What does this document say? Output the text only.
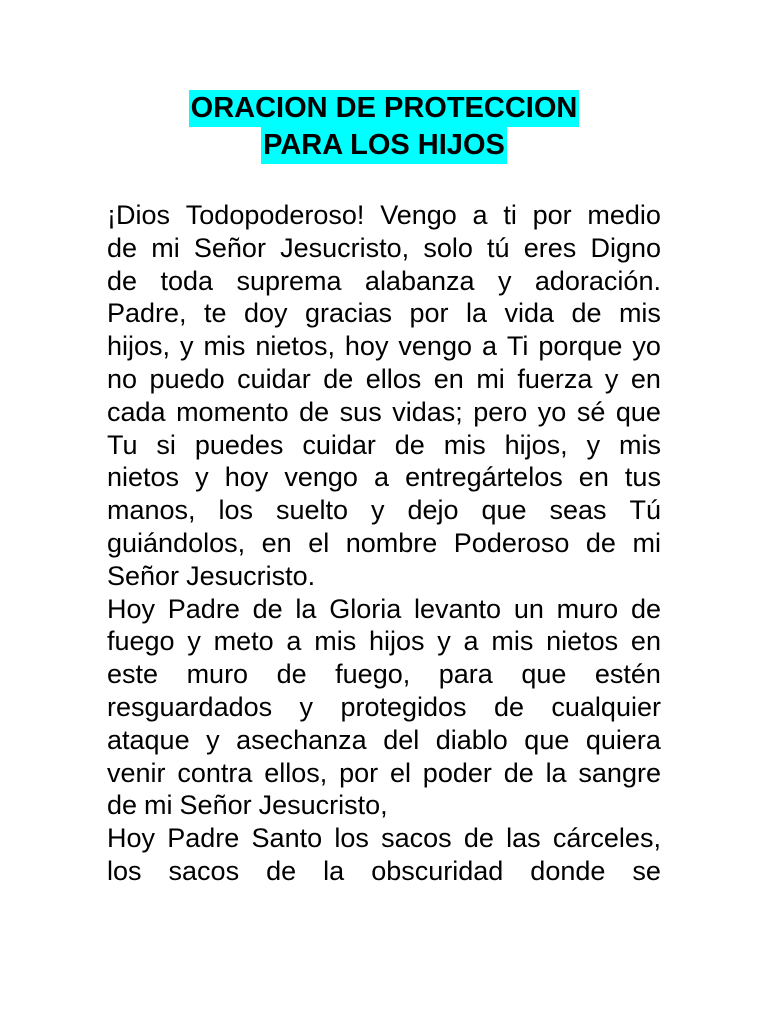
ORACION DE PROTECCION
PARA LOS HIJOS
¡Dios Todopoderoso! Vengo a ti por medio
de mi Señor Jesucristo, solo tú eres Digno
de toda suprema alabanza y adoración.
Padre, te doy gracias por la vida de mis
hijos, y mis nietos, hoy vengo a Ti porque yo
no puedo cuidar de ellos en mi fuerza y en
cada momento de sus vidas; pero yo sé que
Tu si puedes cuidar de mis hijos, y mis
nietos y hoy vengo a entregártelos en tus
manos, los suelto y dejo que seas Tú
guiándolos, en el nombre Poderoso de mi
Señor Jesucristo.
Hoy Padre de la Gloria levanto un muro de
fuego y meto a mis hijos y a mis nietos en
este muro de fuego, para que estén
resguardados y protegidos de cualquier
ataque y asechanza del diablo que quiera
venir contra ellos, por el poder de la sangre
de mi Señor Jesucristo,
Hoy Padre Santo los sacos de las cárceles,
los sacos de la obscuridad donde se
